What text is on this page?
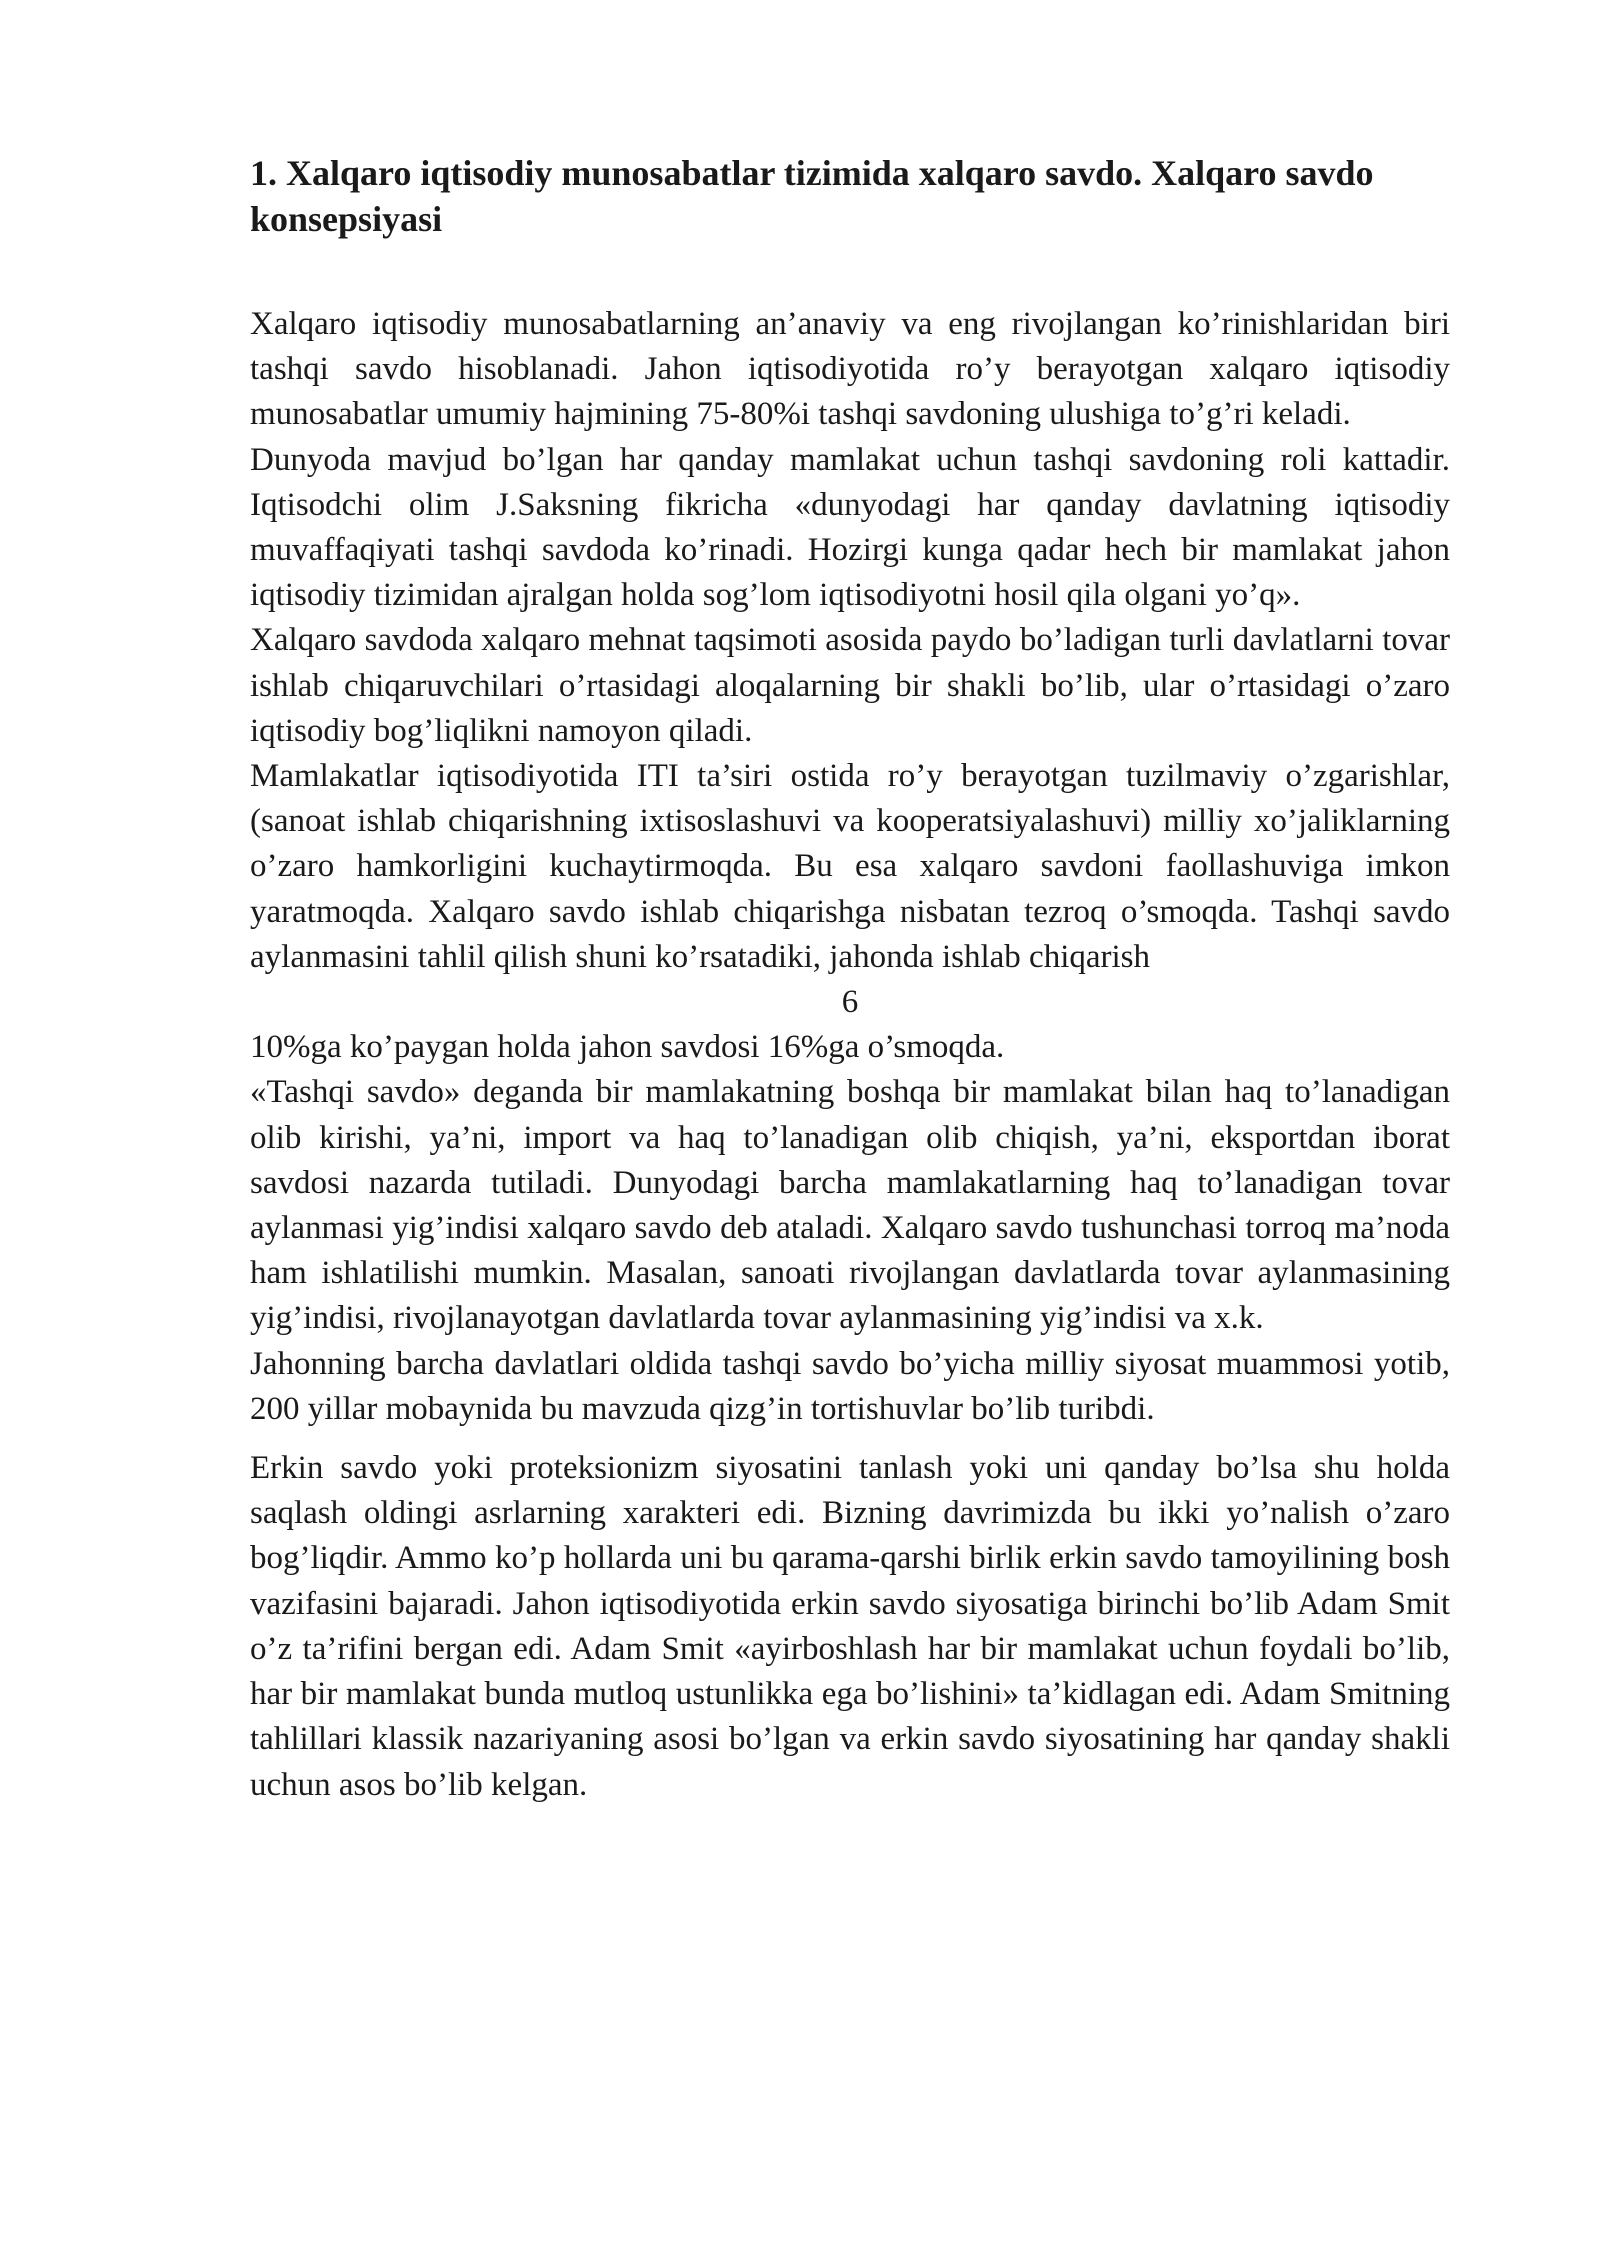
1. Xalqaro iqtisodiy munosabatlar tizimida xalqaro savdo. Xalqaro savdo konsepsiyasi

Xalqaro iqtisodiy munosabatlarning an’anaviy va eng rivojlangan ko’rinishlaridan biri tashqi savdo hisoblanadi. Jahon iqtisodiyotida ro’y berayotgan xalqaro iqtisodiy munosabatlar umumiy hajmining 75-80%i tashqi savdoning ulushiga to’g’ri keladi.

Dunyoda mavjud bo’lgan har qanday mamlakat uchun tashqi savdoning roli kattadir. Iqtisodchi olim J.Saksning fikricha «dunyodagi har qanday davlatning iqtisodiy muvaffaqiyati tashqi savdoda ko’rinadi. Hozirgi kunga qadar hech bir mamlakat jahon iqtisodiy tizimidan ajralgan holda sog’lom iqtisodiyotni hosil qila olgani yo’q».

Xalqaro savdoda xalqaro mehnat taqsimoti asosida paydo bo’ladigan turli davlatlarni tovar ishlab chiqaruvchilari o’rtasidagi aloqalarning bir shakli bo’lib, ular o’rtasidagi o’zaro iqtisodiy bog’liqlikni namoyon qiladi.

Mamlakatlar iqtisodiyotida ITI ta’siri ostida ro’y berayotgan tuzilmaviy o’zgarishlar, (sanoat ishlab chiqarishning ixtisoslashuvi va kooperatsiyalashuvi) milliy xo’jaliklarning o’zaro hamkorligini kuchaytirmoqda. Bu esa xalqaro savdoni faollashuviga imkon yaratmoqda. Xalqaro savdo ishlab chiqarishga nisbatan tezroq o’smoqda. Tashqi savdo aylanmasini tahlil qilish shuni ko’rsatadiki, jahonda ishlab chiqarish

6

10%ga ko’paygan holda jahon savdosi 16%ga o’smoqda.

«Tashqi savdo» deganda bir mamlakatning boshqa bir mamlakat bilan haq to’lanadigan olib kirishi, ya’ni, import va haq to’lanadigan olib chiqish, ya’ni, eksportdan iborat savdosi nazarda tutiladi. Dunyodagi barcha mamlakatlarning haq to’lanadigan tovar aylanmasi yig’indisi xalqaro savdo deb ataladi. Xalqaro savdo tushunchasi torroq ma’noda ham ishlatilishi mumkin. Masalan, sanoati rivojlangan davlatlarda tovar aylanmasining yig’indisi, rivojlanayotgan davlatlarda tovar aylanmasining yig’indisi va x.k.

Jahonning barcha davlatlari oldida tashqi savdo bo’yicha milliy siyosat muammosi yotib, 200 yillar mobaynida bu mavzuda qizg’in tortishuvlar bo’lib turibdi.

Erkin savdo yoki proteksionizm siyosatini tanlash yoki uni qanday bo’lsa shu holda saqlash oldingi asrlarning xarakteri edi. Bizning davrimizda bu ikki yo’nalish o’zaro bog’liqdir. Ammo ko’p hollarda uni bu qarama-qarshi birlik erkin savdo tamoyilining bosh vazifasini bajaradi. Jahon iqtisodiyotida erkin savdo siyosatiga birinchi bo’lib Adam Smit o’z ta’rifini bergan edi. Adam Smit «ayirboshlash har bir mamlakat uchun foydali bo’lib, har bir mamlakat bunda mutloq ustunlikka ega bo’lishini» ta’kidlagan edi. Adam Smitning tahlillari klassik nazariyaning asosi bo’lgan va erkin savdo siyosatining har qanday shakli uchun asos bo’lib kelgan.
